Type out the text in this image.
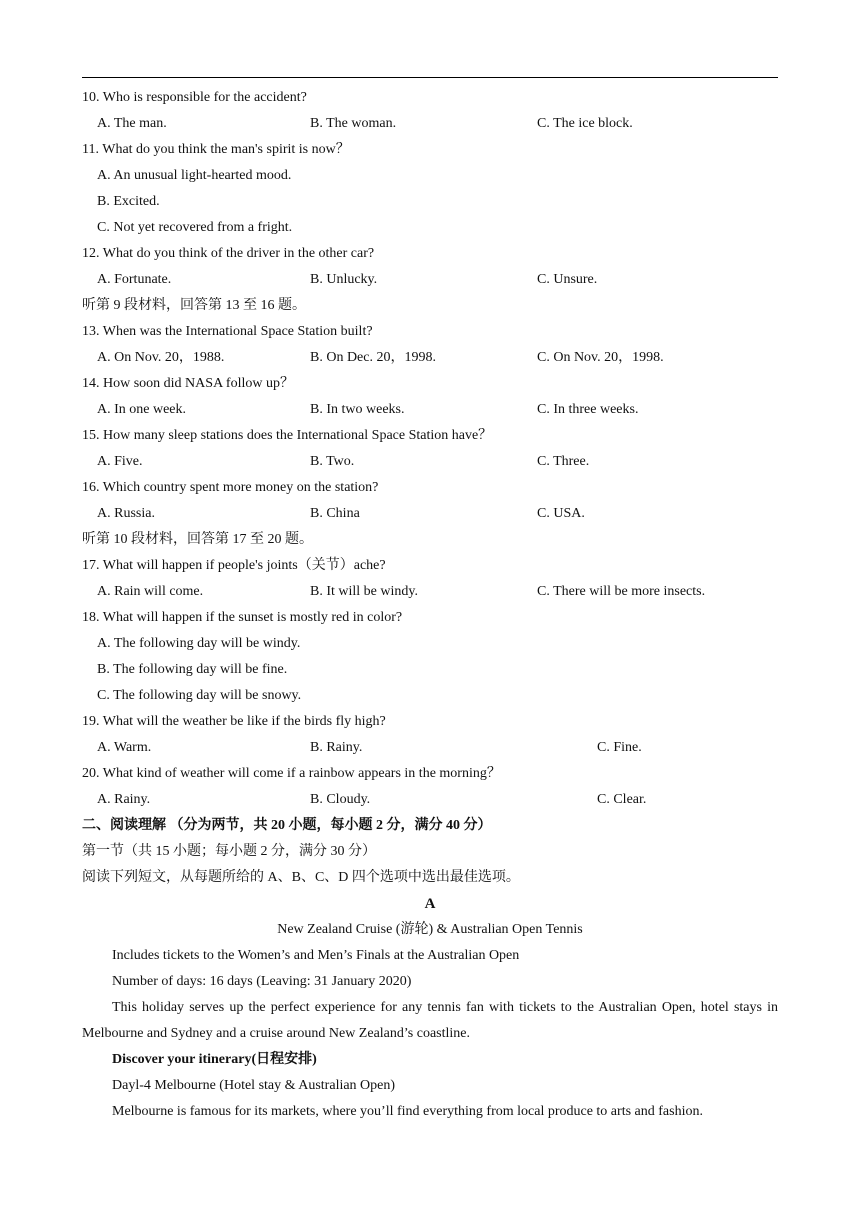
10. Who is responsible for the accident?
A. The man.	B. The woman.	C. The ice block.
11. What do you think the man's spirit is now？
A. An unusual light-hearted mood.
B. Excited.
C. Not yet recovered from a fright.
12. What do you think of the driver in the other car?
A. Fortunate.	B. Unlucky.	C. Unsure.
听第 9 段材料，回答第 13 至 16 题。
13. When was the International Space Station built?
A. On Nov. 20，1988.	B. On Dec. 20，1998.	C. On Nov. 20，1998.
14. How soon did NASA follow up？
A. In one week.	B. In two weeks.	C. In three weeks.
15. How many sleep stations does the International Space Station have？
A. Five.	B. Two.	C. Three.
16. Which country spent more money on the station?
A. Russia.	B. China	C. USA.
听第 10 段材料，回答第 17 至 20 题。
17. What will happen if people's joints（关节）ache?
A. Rain will come.	B. It will be windy.	C. There will be more insects.
18. What will happen if the sunset is mostly red in color?
A. The following day will be windy.
B. The following day will be fine.
C. The following day will be snowy.
19. What will the weather be like if the birds fly high?
A. Warm.	B. Rainy.	C. Fine.
20. What kind of weather will come if a rainbow appears in the morning？
A. Rainy.	B. Cloudy.	C. Clear.
二、阅读理解 （分为两节，共 20 小题，每小题 2 分，满分 40 分）
第一节（共 15 小题；每小题 2 分，满分 30 分）
阅读下列短文，从每题所给的 A、B、C、D 四个选项中选出最佳选项。
A
New Zealand Cruise (游轮) & Australian Open Tennis
Includes tickets to the Women’s and Men’s Finals at the Australian Open
Number of days: 16 days (Leaving: 31 January 2020)
This holiday serves up the perfect experience for any tennis fan with tickets to the Australian Open, hotel stays in Melbourne and Sydney and a cruise around New Zealand’s coastline.
Discover your itinerary(日程安排)
Dayl-4 Melbourne (Hotel stay & Australian Open)
Melbourne is famous for its markets, where you’ll find everything from local produce to arts and fashion.
